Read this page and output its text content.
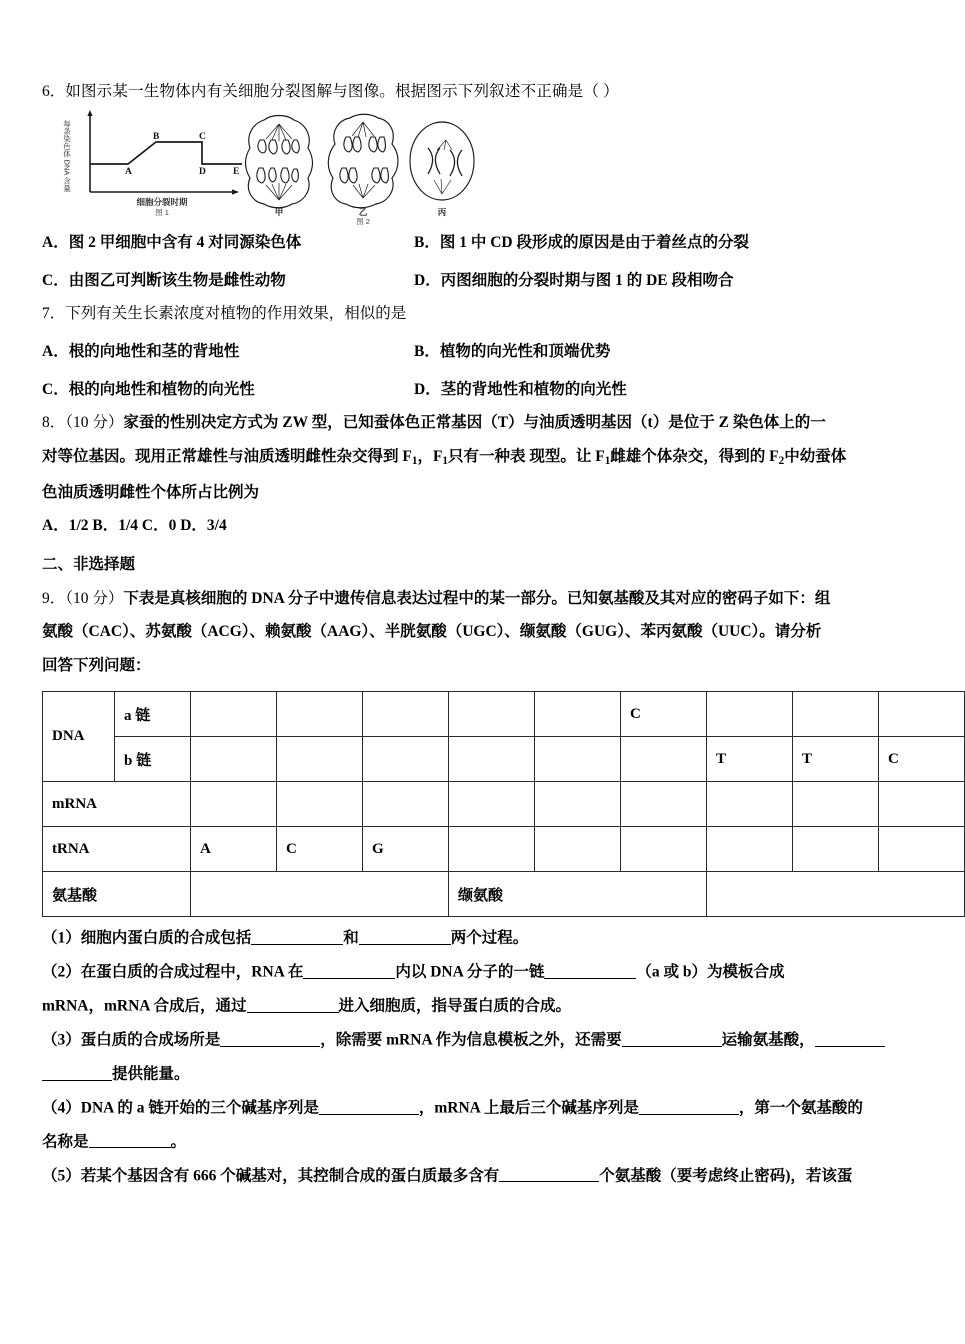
6．如图示某一生物体内有关细胞分裂图解与图像。根据图示下列叙述不正确是（ ）
每条染色体 DNA 含量	A
B	C
D	E
细胞分裂时期
图 1	甲	乙	丙
图 2
A．图 2 甲细胞中含有 4 对同源染色体	B．图 1 中 CD 段形成的原因是由于着丝点的分裂
C．由图乙可判断该生物是雌性动物	D．丙图细胞的分裂时期与图 1 的 DE 段相吻合
7．下列有关生长素浓度对植物的作用效果，相似的是
A．根的向地性和茎的背地性	B．植物的向光性和顶端优势
C．根的向地性和植物的向光性	D．茎的背地性和植物的向光性
8．（10 分）家蚕的性别决定方式为 ZW 型，已知蚕体色正常基因（T）与油质透明基因（t）是位于 Z 染色体上的一
对等位基因。现用正常雄性与油质透明雌性杂交得到 $F_1$，$F_1$只有一种表 现型。让 $F_1$雌雄个体杂交，得到的 $F_2$中幼蚕体
色油质透明雌性个体所占比例为
A．1/2 B．1/4 C．0 D．3/4
二、非选择题
9．（10 分）下表是真核细胞的 DNA 分子中遗传信息表达过程中的某一部分。已知氨基酸及其对应的密码子如下：组
氨酸（CAC）、苏氨酸（ACG）、赖氨酸（AAG）、半胱氨酸（UGC）、缬氨酸（GUG）、苯丙氨酸（UUC）。请分析
回答下列问题：
DNA	a 链						C			
	b 链							T	T	C
mRNA										
tRNA		A	C	G						
氨基酸					缬氨酸					
（1）细胞内蛋白质的合成包括	和	两个过程。
（2）在蛋白质的合成过程中，RNA 在	内以 DNA 分子的一链	（a 或 b）为模板合成
mRNA，mRNA 合成后，通过	进入细胞质，指导蛋白质的合成。
（3）蛋白质的合成场所是	，除需要 mRNA 作为信息模板之外，还需要	运输氨基酸，
提供能量。
（4）DNA 的 a 链开始的三个碱基序列是	，mRNA 上最后三个碱基序列是	，第一个氨基酸的
名称是	。
（5）若某个基因含有 666 个碱基对，其控制合成的蛋白质最多含有	个氨基酸（要考虑终止密码)，若该蛋
